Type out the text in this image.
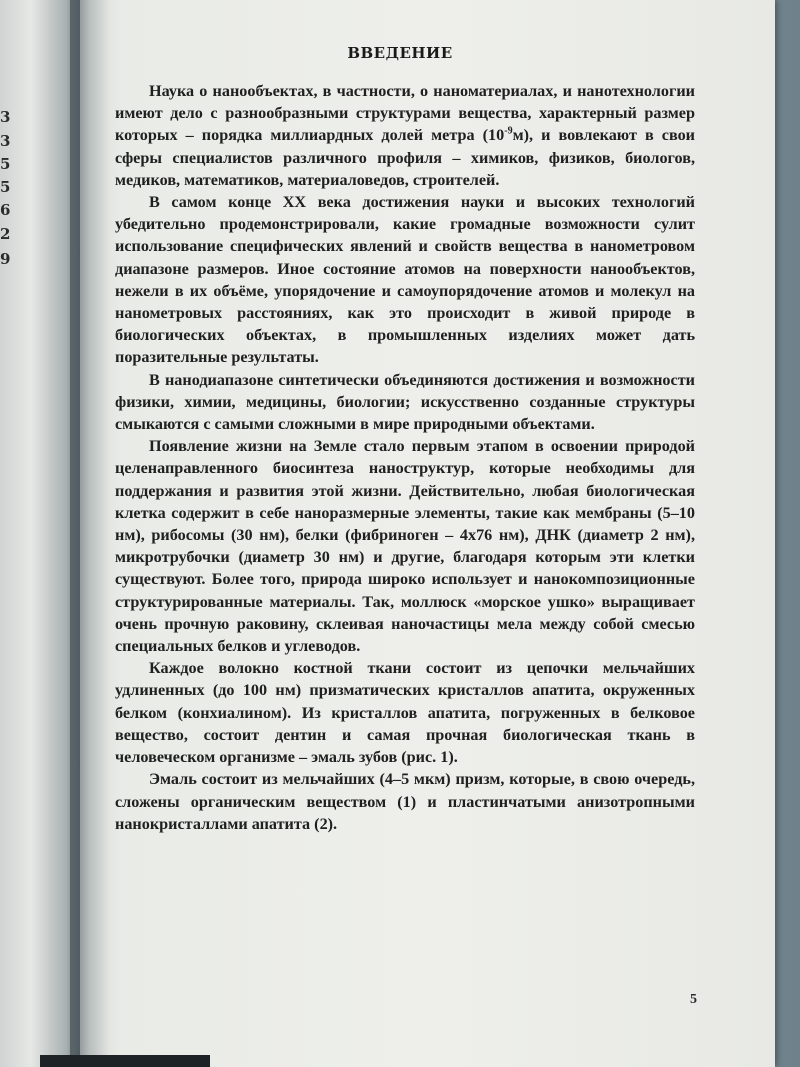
3
3
5
5
6
2
9
ВВЕДЕНИЕ

Наука о нанообъектах, в частности, о наноматериалах, и нанотехнологии имеют дело с разнообразными структурами вещества, характерный размер которых – порядка миллиардных долей метра $(10^{-9}м)$, и вовлекают в свои сферы специалистов различного профиля – химиков, физиков, биологов, медиков, математиков, материаловедов, строителей.

В самом конце XX века достижения науки и высоких технологий убедительно продемонстрировали, какие громадные возможности сулит использование специфических явлений и свойств вещества в нанометровом диапазоне размеров. Иное состояние атомов на поверхности нанообъектов, нежели в их объёме, упорядочение и самоупорядочение атомов и молекул на нанометровых расстояниях, как это происходит в живой природе в биологических объектах, в промышленных изделиях может дать поразительные результаты.

В нанодиапазоне синтетически объединяются достижения и возможности физики, химии, медицины, биологии; искусственно созданные структуры смыкаются с самыми сложными в мире природными объектами.

Появление жизни на Земле стало первым этапом в освоении природой целенаправленного биосинтеза наноструктур, которые необходимы для поддержания и развития этой жизни. Действительно, любая биологическая клетка содержит в себе наноразмерные элементы, такие как мембраны (5–10 нм), рибосомы (30 нм), белки (фибриноген – 4х76 нм), ДНК (диаметр 2 нм), микротрубочки (диаметр 30 нм) и другие, благодаря которым эти клетки существуют. Более того, природа широко использует и нанокомпозиционные структурированные материалы. Так, моллюск «морское ушко» выращивает очень прочную раковину, склеивая наночастицы мела между собой смесью специальных белков и углеводов.

Каждое волокно костной ткани состоит из цепочки мельчайших удлиненных (до 100 нм) призматических кристаллов апатита, окруженных белком (конхиалином). Из кристаллов апатита, погруженных в белковое вещество, состоит дентин и самая прочная биологическая ткань в человеческом организме – эмаль зубов (рис. 1).

Эмаль состоит из мельчайших (4–5 мкм) призм, которые, в свою очередь, сложены органическим веществом (1) и пластинчатыми анизотропными нанокристаллами апатита (2).

5
